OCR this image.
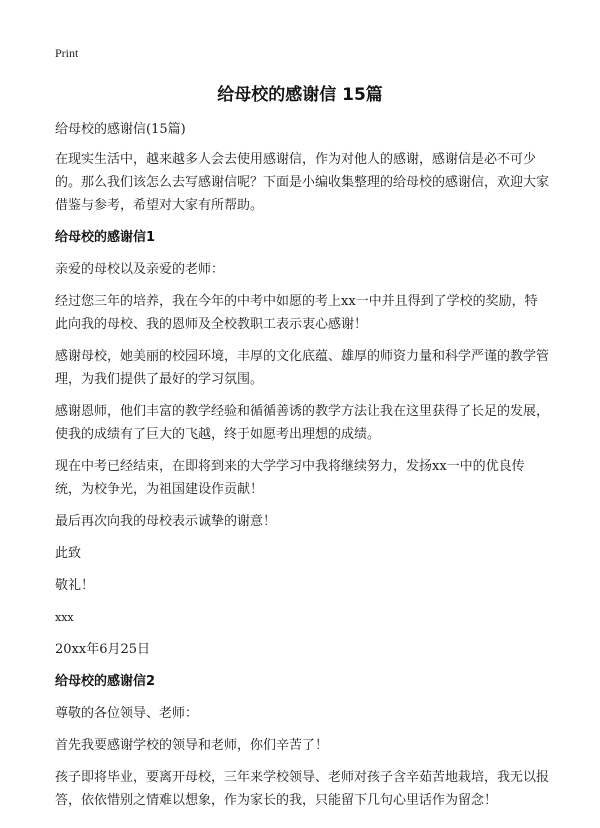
Print
给母校的感谢信 15篇

给母校的感谢信(15篇)

在现实生活中，越来越多人会去使用感谢信，作为对他人的感谢，感谢信是必不可少的。那么我们该怎么去写感谢信呢？下面是小编收集整理的给母校的感谢信，欢迎大家借鉴与参考，希望对大家有所帮助。

给母校的感谢信1

亲爱的母校以及亲爱的老师：

经过您三年的培养，我在今年的中考中如愿的考上xx一中并且得到了学校的奖励，特此向我的母校、我的恩师及全校教职工表示衷心感谢！

感谢母校，她美丽的校园环境，丰厚的文化底蕴、雄厚的师资力量和科学严谨的教学管理，为我们提供了最好的学习氛围。

感谢恩师，他们丰富的教学经验和循循善诱的教学方法让我在这里获得了长足的发展，使我的成绩有了巨大的飞越，终于如愿考出理想的成绩。

现在中考已经结束，在即将到来的大学学习中我将继续努力，发扬xx一中的优良传统，为校争光，为祖国建设作贡献！

最后再次向我的母校表示诚挚的谢意！

此致

敬礼！

xxx

20xx年6月25日

给母校的感谢信2

尊敬的各位领导、老师：

首先我要感谢学校的领导和老师，你们辛苦了！

孩子即将毕业，要离开母校，三年来学校领导、老师对孩子含辛茹苦地栽培，我无以报答，依依惜别之情难以想象，作为家长的我，只能留下几句心里话作为留念！
